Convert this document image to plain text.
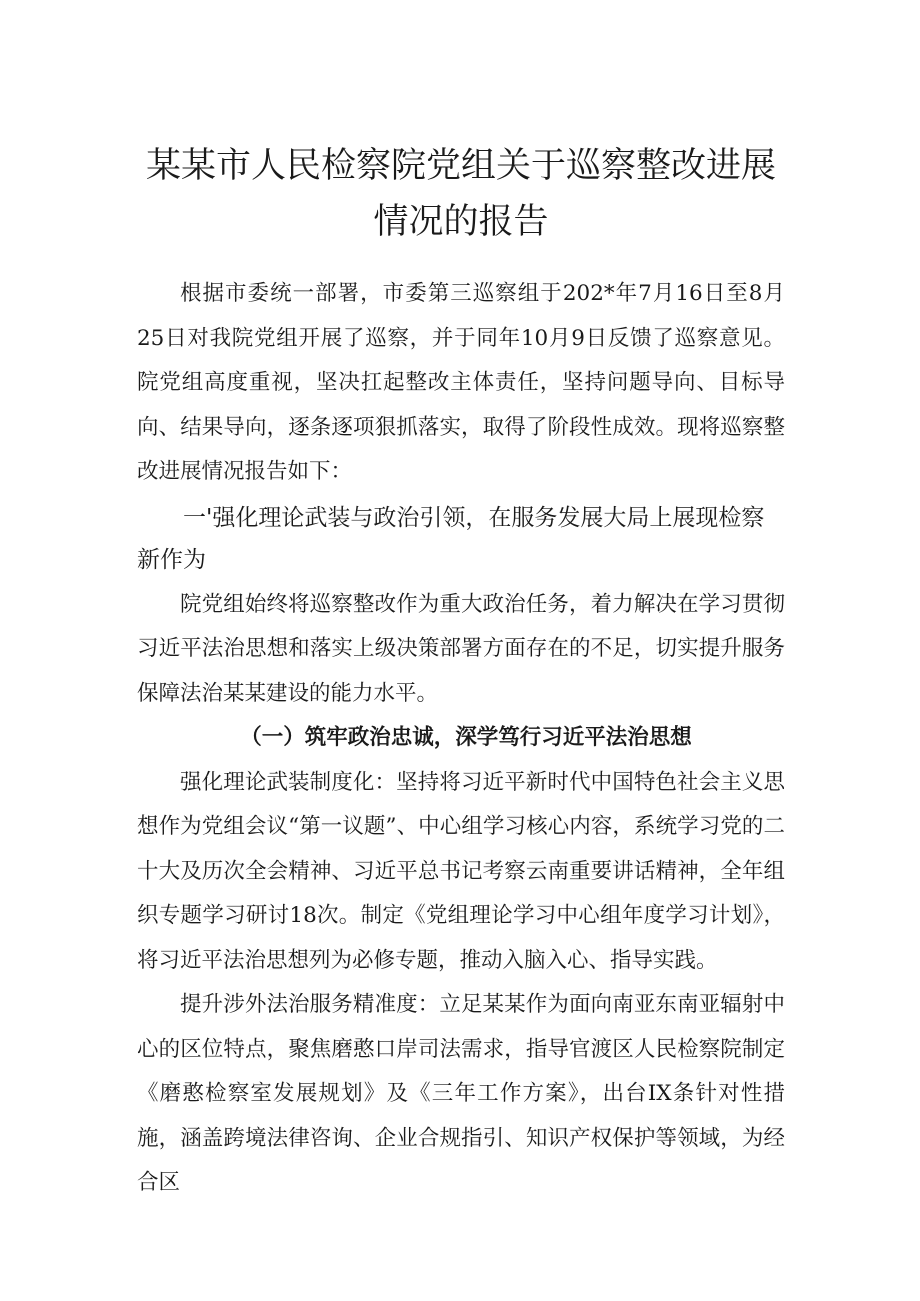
某某市人民检察院党组关于巡察整改进展
情况的报告

根据市委统一部署，市委第三巡察组于202*年7月16日至8月25日对我院党组开展了巡察，并于同年10月9日反馈了巡察意见。院党组高度重视，坚决扛起整改主体责任，坚持问题导向、目标导向、结果导向，逐条逐项狠抓落实，取得了阶段性成效。现将巡察整改进展情况报告如下：

一'强化理论武装与政治引领，在服务发展大局上展现检察新作为

院党组始终将巡察整改作为重大政治任务，着力解决在学习贯彻习近平法治思想和落实上级决策部署方面存在的不足，切实提升服务保障法治某某建设的能力水平。

（一）筑牢政治忠诚，深学笃行习近平法治思想

强化理论武装制度化：坚持将习近平新时代中国特色社会主义思想作为党组会议“第一议题”、中心组学习核心内容，系统学习党的二十大及历次全会精神、习近平总书记考察云南重要讲话精神，全年组织专题学习研讨18次。制定《党组理论学习中心组年度学习计划》，将习近平法治思想列为必修专题，推动入脑入心、指导实践。

提升涉外法治服务精准度：立足某某作为面向南亚东南亚辐射中心的区位特点，聚焦磨憨口岸司法需求，指导官渡区人民检察院制定《磨憨检察室发展规划》及《三年工作方案》，出台IX条针对性措施，涵盖跨境法律咨询、企业合规指引、知识产权保护等领域，为经合区
